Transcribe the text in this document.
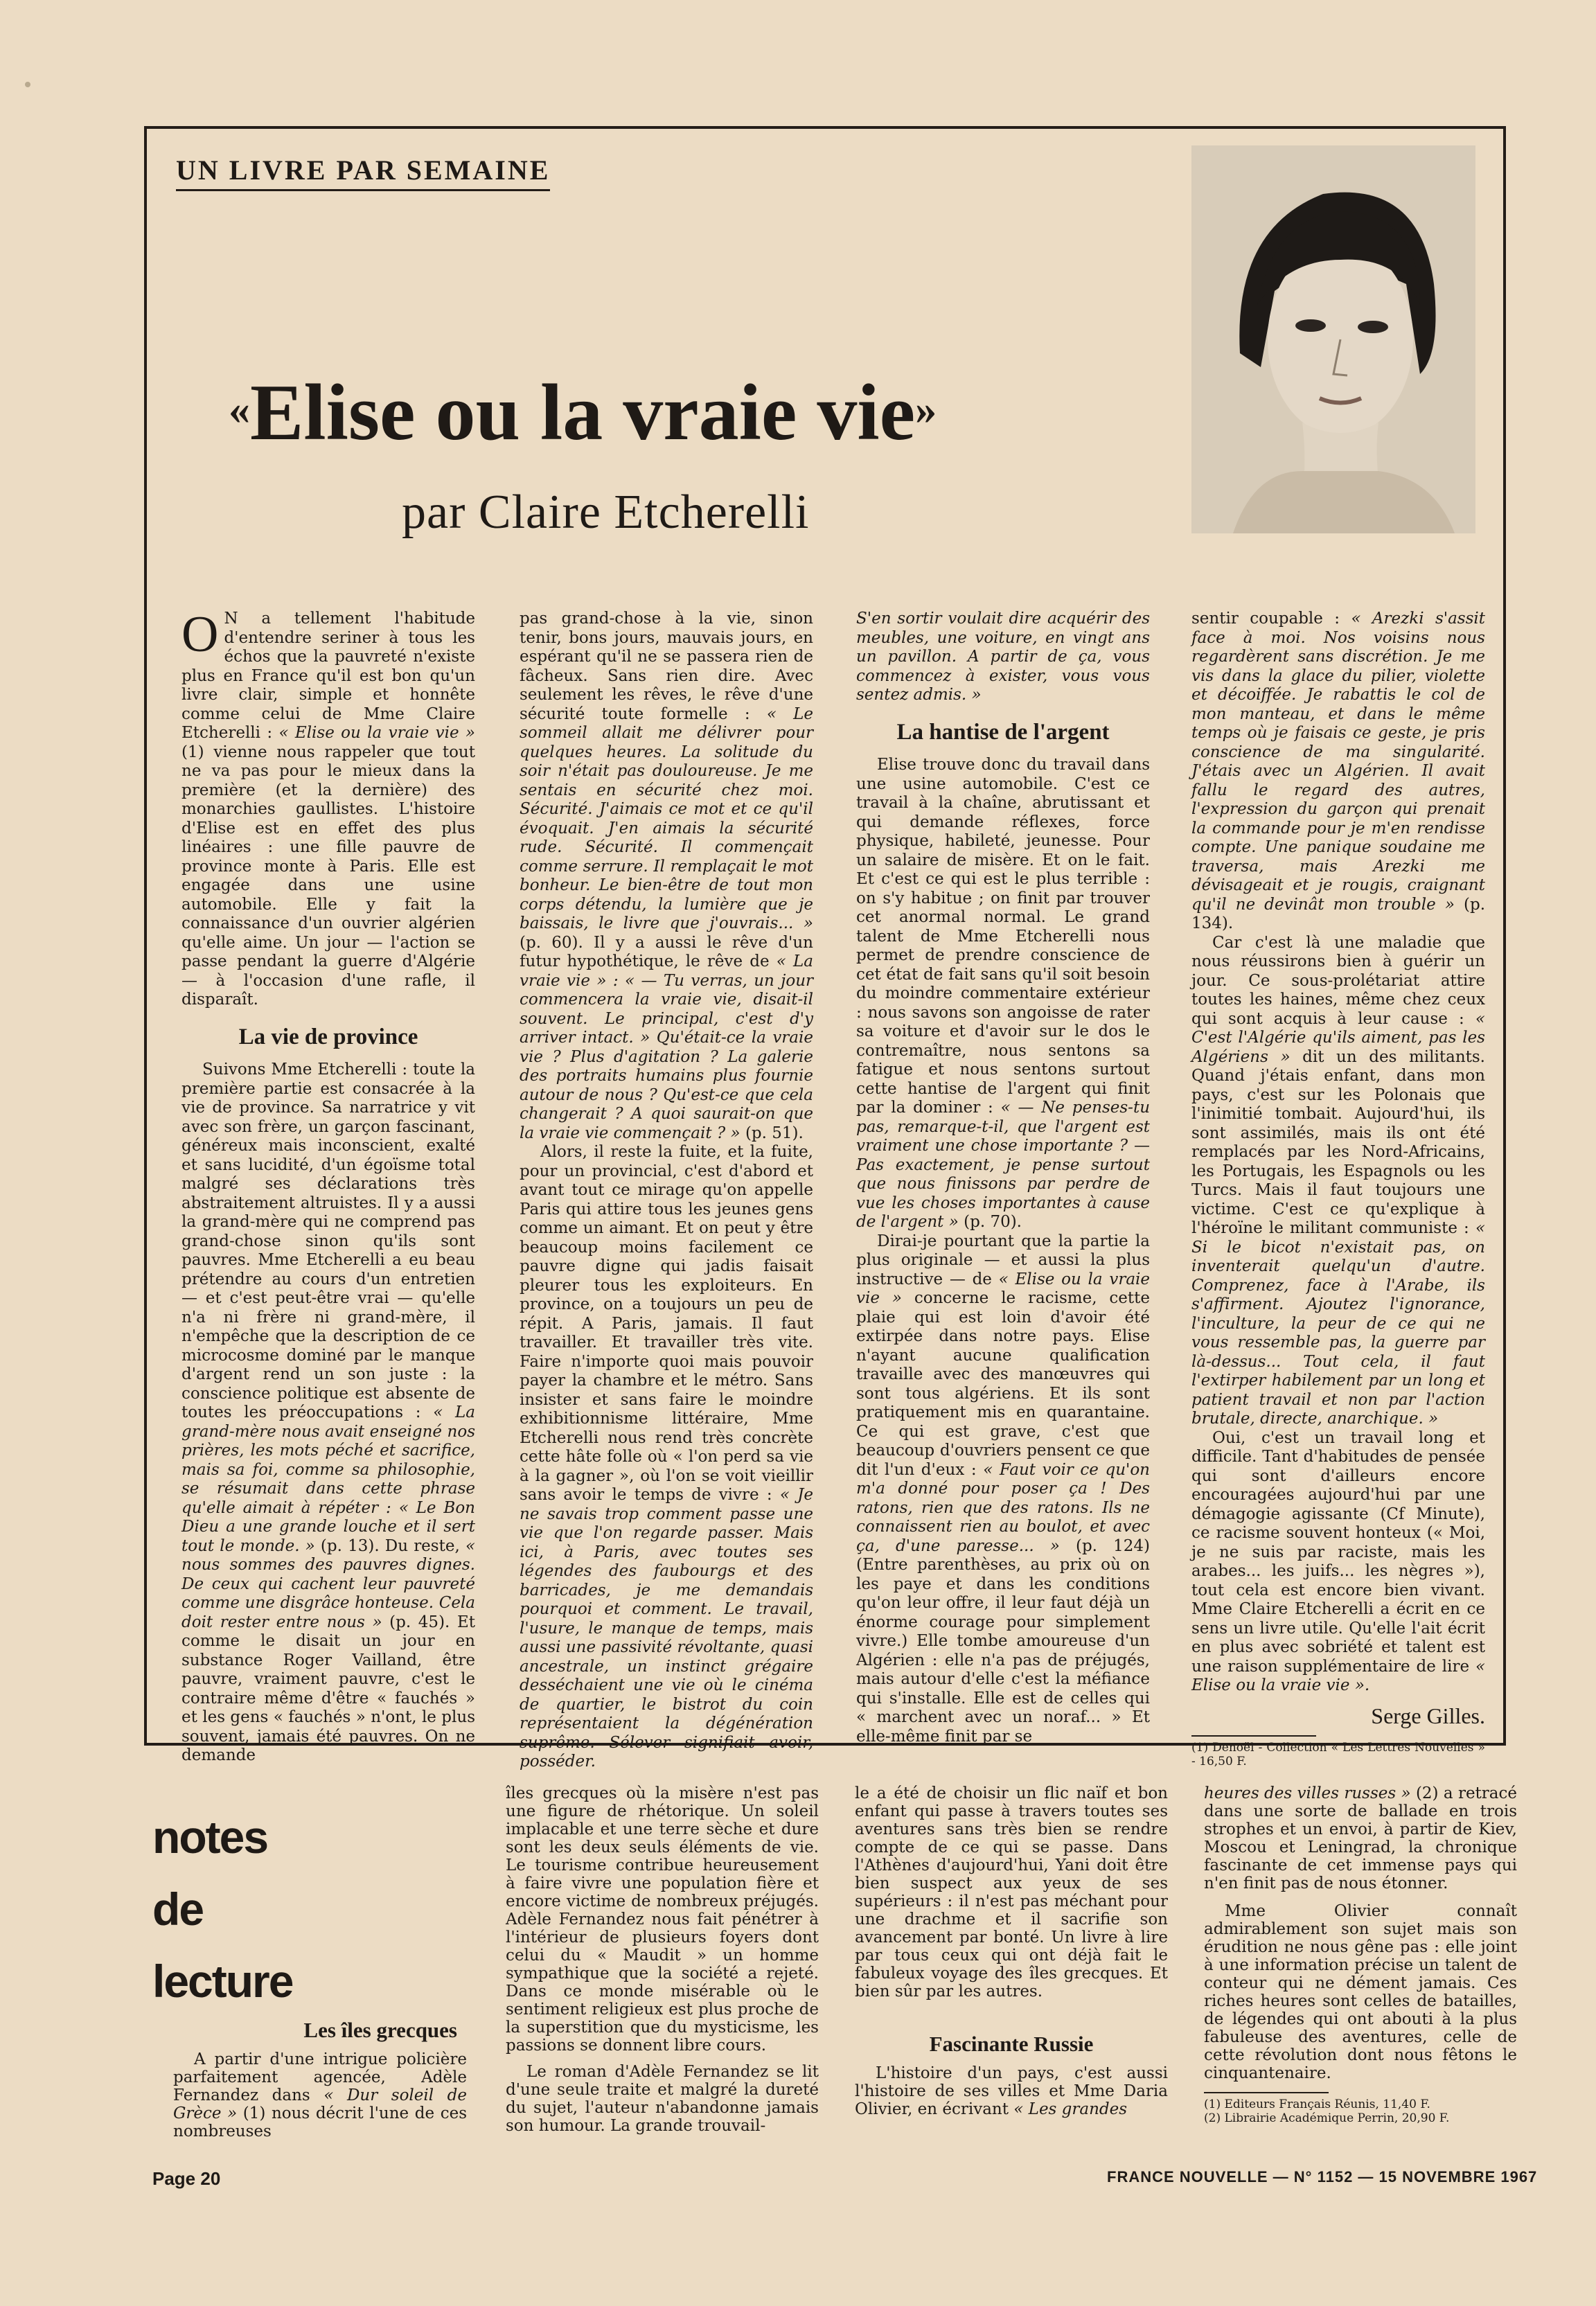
UN LIVRE PAR SEMAINE
«Elise ou la vraie vie»
par Claire Etcherelli

O N a tellement l'habitude d'entendre seriner à tous les échos que la pauvreté n'existe plus en France qu'il est bon qu'un livre clair, simple et honnête comme celui de Mme Claire Etcherelli : « Elise ou la vraie vie » (1) vienne nous rappeler que tout ne va pas pour le mieux dans la première (et la dernière) des monarchies gaullistes. L'histoire d'Elise est en effet des plus linéaires : une fille pauvre de province monte à Paris. Elle est engagée dans une usine automobile. Elle y fait la connaissance d'un ouvrier algérien qu'elle aime. Un jour — l'action se passe pendant la guerre d'Algérie — à l'occasion d'une rafle, il disparaît.

La vie de province

Suivons Mme Etcherelli : toute la première partie est consacrée à la vie de province. Sa narratrice y vit avec son frère, un garçon fascinant, généreux mais inconscient, exalté et sans lucidité, d'un égoïsme total malgré ses déclarations très abstraitement altruistes. Il y a aussi la grand-mère qui ne comprend pas grand-chose sinon qu'ils sont pauvres. Mme Etcherelli a eu beau prétendre au cours d'un entretien — et c'est peut-être vrai — qu'elle n'a ni frère ni grand-mère, il n'empêche que la description de ce microcosme dominé par le manque d'argent rend un son juste : la conscience politique est absente de toutes les préoccupations : « La grand-mère nous avait enseigné nos prières, les mots péché et sacrifice, mais sa foi, comme sa philosophie, se résumait dans cette phrase qu'elle aimait à répéter : « Le Bon Dieu a une grande louche et il sert tout le monde. » (p. 13). Du reste, « nous sommes des pauvres dignes. De ceux qui cachent leur pauvreté comme une disgrâce honteuse. Cela doit rester entre nous » (p. 45). Et comme le disait un jour en substance Roger Vailland, être pauvre, vraiment pauvre, c'est le contraire même d'être « fauchés » et les gens « fauchés » n'ont, le plus souvent, jamais été pauvres. On ne demande

pas grand-chose à la vie, sinon tenir, bons jours, mauvais jours, en espérant qu'il ne se passera rien de fâcheux. Sans rien dire. Avec seulement les rêves, le rêve d'une sécurité toute formelle : « Le sommeil allait me délivrer pour quelques heures. La solitude du soir n'était pas douloureuse. Je me sentais en sécurité chez moi. Sécurité. J'aimais ce mot et ce qu'il évoquait. J'en aimais la sécurité rude. Sécurité. Il commençait comme serrure. Il remplaçait le mot bonheur. Le bien-être de tout mon corps détendu, la lumière que je baissais, le livre que j'ouvrais... » (p. 60). Il y a aussi le rêve d'un futur hypothétique, le rêve de « La vraie vie » : « — Tu verras, un jour commencera la vraie vie, disait-il souvent. Le principal, c'est d'y arriver intact. » Qu'était-ce la vraie vie ? Plus d'agitation ? La galerie des portraits humains plus fournie autour de nous ? Qu'est-ce que cela changerait ? A quoi saurait-on que la vraie vie commençait ? » (p. 51).

Alors, il reste la fuite, et la fuite, pour un provincial, c'est d'abord et avant tout ce mirage qu'on appelle Paris qui attire tous les jeunes gens comme un aimant. Et on peut y être beaucoup moins facilement ce pauvre digne qui jadis faisait pleurer tous les exploiteurs. En province, on a toujours un peu de répit. A Paris, jamais. Il faut travailler. Et travailler très vite. Faire n'importe quoi mais pouvoir payer la chambre et le métro. Sans insister et sans faire le moindre exhibitionnisme littéraire, Mme Etcherelli nous rend très concrète cette hâte folle où « l'on perd sa vie à la gagner », où l'on se voit vieillir sans avoir le temps de vivre : « Je ne savais trop comment passe une vie que l'on regarde passer. Mais ici, à Paris, avec toutes ses légendes des faubourgs et des barricades, je me demandais pourquoi et comment. Le travail, l'usure, le manque de temps, mais aussi une passivité révoltante, quasi ancestrale, un instinct grégaire desséchaient une vie où le cinéma de quartier, le bistrot du coin représentaient la dégénération suprême. Sélever signifiait avoir, posséder.

S'en sortir voulait dire acquérir des meubles, une voiture, en vingt ans un pavillon. A partir de ça, vous commencez à exister, vous vous sentez admis. »

La hantise de l'argent

Elise trouve donc du travail dans une usine automobile. C'est ce travail à la chaîne, abrutissant et qui demande réflexes, force physique, habileté, jeunesse. Pour un salaire de misère. Et on le fait. Et c'est ce qui est le plus terrible : on s'y habitue ; on finit par trouver cet anormal normal. Le grand talent de Mme Etcherelli nous permet de prendre conscience de cet état de fait sans qu'il soit besoin du moindre commentaire extérieur : nous savons son angoisse de rater sa voiture et d'avoir sur le dos le contremaître, nous sentons sa fatigue et nous sentons surtout cette hantise de l'argent qui finit par la dominer : « — Ne penses-tu pas, remarque-t-il, que l'argent est vraiment une chose importante ? — Pas exactement, je pense surtout que nous finissons par perdre de vue les choses importantes à cause de l'argent » (p. 70).

Dirai-je pourtant que la partie la plus originale — et aussi la plus instructive — de « Elise ou la vraie vie » concerne le racisme, cette plaie qui est loin d'avoir été extirpée dans notre pays. Elise n'ayant aucune qualification travaille avec des manœuvres qui sont tous algériens. Et ils sont pratiquement mis en quarantaine. Ce qui est grave, c'est que beaucoup d'ouvriers pensent ce que dit l'un d'eux : « Faut voir ce qu'on m'a donné pour poser ça ! Des ratons, rien que des ratons. Ils ne connaissent rien au boulot, et avec ça, d'une paresse... » (p. 124) (Entre parenthèses, au prix où on les paye et dans les conditions qu'on leur offre, il leur faut déjà un énorme courage pour simplement vivre.) Elle tombe amoureuse d'un Algérien : elle n'a pas de préjugés, mais autour d'elle c'est la méfiance qui s'installe. Elle est de celles qui « marchent avec un noraf... » Et elle-même finit par se

sentir coupable : « Arezki s'assit face à moi. Nos voisins nous regardèrent sans discrétion. Je me vis dans la glace du pilier, violette et décoiffée. Je rabattis le col de mon manteau, et dans le même temps où je faisais ce geste, je pris conscience de ma singularité. J'étais avec un Algérien. Il avait fallu le regard des autres, l'expression du garçon qui prenait la commande pour je m'en rendisse compte. Une panique soudaine me traversa, mais Arezki me dévisageait et je rougis, craignant qu'il ne devinât mon trouble » (p. 134).

Car c'est là une maladie que nous réussirons bien à guérir un jour. Ce sous-prolétariat attire toutes les haines, même chez ceux qui sont acquis à leur cause : « C'est l'Algérie qu'ils aiment, pas les Algériens » dit un des militants. Quand j'étais enfant, dans mon pays, c'est sur les Polonais que l'inimitié tombait. Aujourd'hui, ils sont assimilés, mais ils ont été remplacés par les Nord-Africains, les Portugais, les Espagnols ou les Turcs. Mais il faut toujours une victime. C'est ce qu'explique à l'héroïne le militant communiste : « Si le bicot n'existait pas, on inventerait quelqu'un d'autre. Comprenez, face à l'Arabe, ils s'affirment. Ajoutez l'ignorance, l'inculture, la peur de ce qui ne vous ressemble pas, la guerre par là-dessus... Tout cela, il faut l'extirper habilement par un long et patient travail et non par l'action brutale, directe, anarchique. »

Oui, c'est un travail long et difficile. Tant d'habitudes de pensée qui sont d'ailleurs encore encouragées aujourd'hui par une démagogie agissante (Cf Minute), ce racisme souvent honteux (« Moi, je ne suis par raciste, mais les arabes... les juifs... les nègres »), tout cela est encore bien vivant. Mme Claire Etcherelli a écrit en ce sens un livre utile. Qu'elle l'ait écrit en plus avec sobriété et talent est une raison supplémentaire de lire « Elise ou la vraie vie ».

Serge Gilles.
(1) Denoël - Collection « Les Lettres Nouvelles » - 16,50 F.
notes
de
lecture
Les îles grecques

A partir d'une intrigue policière parfaitement agencée, Adèle Fernandez dans « Dur soleil de Grèce » (1) nous décrit l'une de ces nombreuses

îles grecques où la misère n'est pas une figure de rhétorique. Un soleil implacable et une terre sèche et dure sont les deux seuls éléments de vie. Le tourisme contribue heureusement à faire vivre une population fière et encore victime de nombreux préjugés. Adèle Fernandez nous fait pénétrer à l'intérieur de plusieurs foyers dont celui du « Maudit » un homme sympathique que la société a rejeté. Dans ce monde misérable où le sentiment religieux est plus proche de la superstition que du mysticisme, les passions se donnent libre cours.

Le roman d'Adèle Fernandez se lit d'une seule traite et malgré la dureté du sujet, l'auteur n'abandonne jamais son humour. La grande trouvail-

le a été de choisir un flic naïf et bon enfant qui passe à travers toutes ses aventures sans très bien se rendre compte de ce qui se passe. Dans l'Athènes d'aujourd'hui, Yani doit être bien suspect aux yeux de ses supérieurs : il n'est pas méchant pour une drachme et il sacrifie son avancement par bonté. Un livre à lire par tous ceux qui ont déjà fait le fabuleux voyage des îles grecques. Et bien sûr par les autres.

Fascinante Russie

L'histoire d'un pays, c'est aussi l'histoire de ses villes et Mme Daria Olivier, en écrivant « Les grandes

heures des villes russes » (2) a retracé dans une sorte de ballade en trois strophes et un envoi, à partir de Kiev, Moscou et Leningrad, la chronique fascinante de cet immense pays qui n'en finit pas de nous étonner.

Mme Olivier connaît admirablement son sujet mais son érudition ne nous gêne pas : elle joint à une information précise un talent de conteur qui ne dément jamais. Ces riches heures sont celles de batailles, de légendes qui ont abouti à la plus fabuleuse des aventures, celle de cette révolution dont nous fêtons le cinquantenaire.

(1) Editeurs Français Réunis, 11,40 F.
(2) Librairie Académique Perrin, 20,90 F.
Page 20	FRANCE NOUVELLE — N° 1152 — 15 NOVEMBRE 1967
